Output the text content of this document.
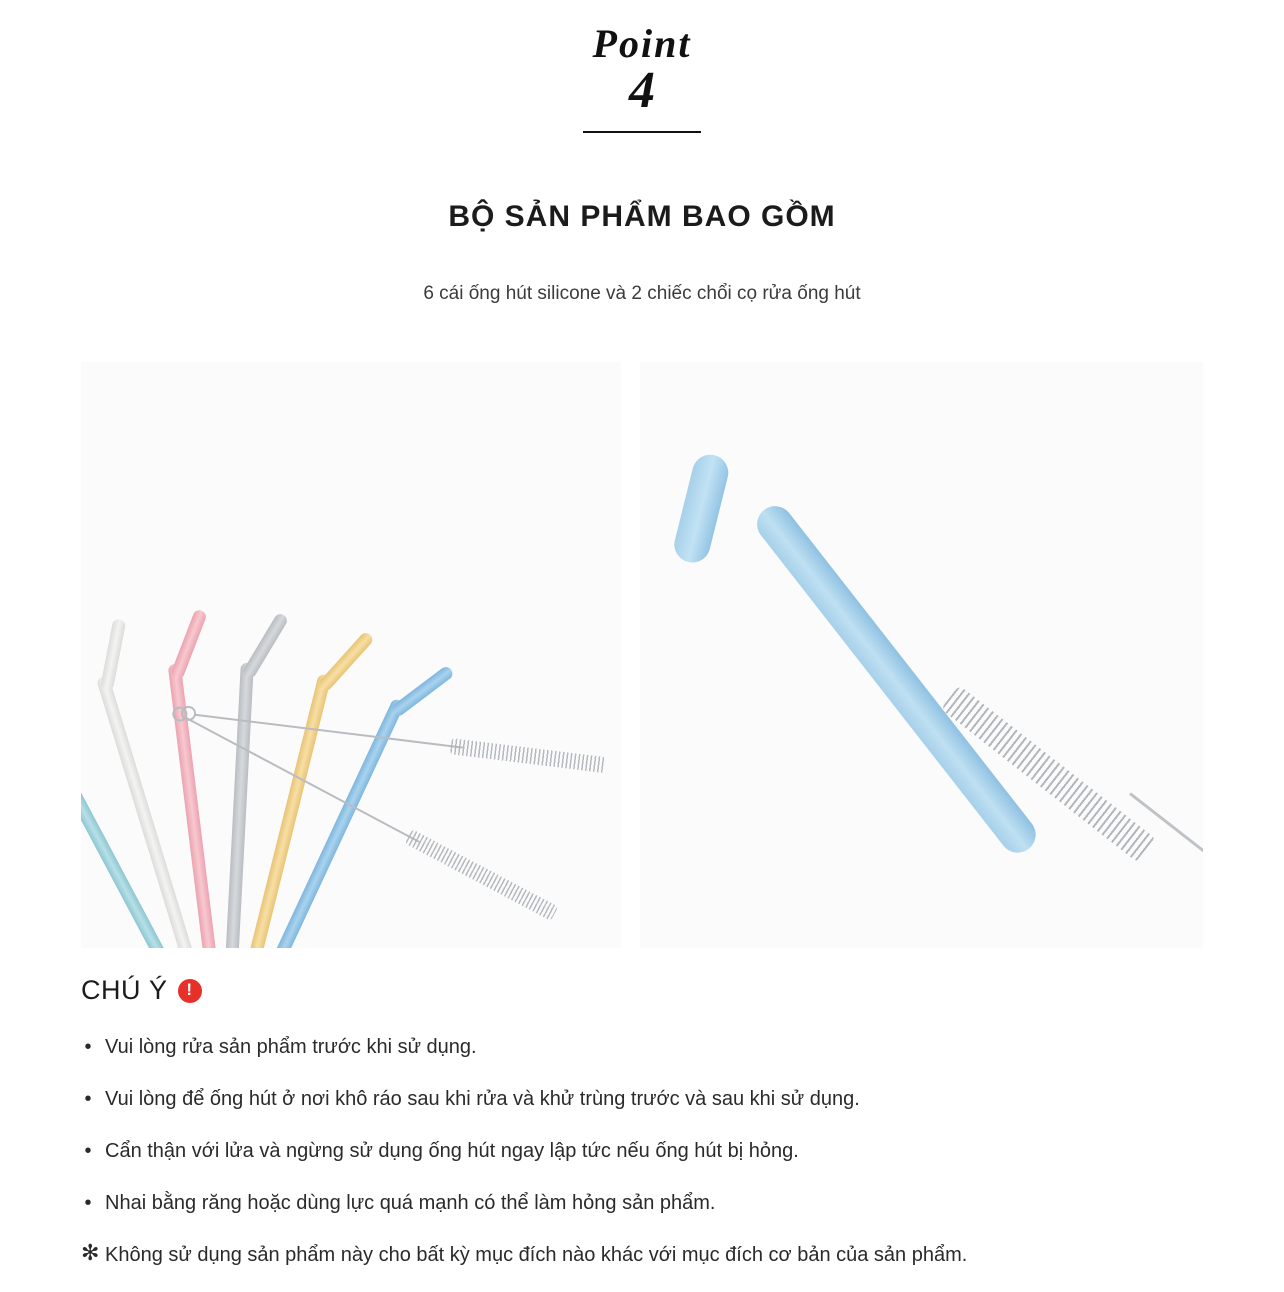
Point
4
BỘ SẢN PHẨM BAO GỒM
6 cái ống hút silicone và 2 chiếc chổi cọ rửa ống hút
CHÚ Ý	!
• Vui lòng rửa sản phẩm trước khi sử dụng.
• Vui lòng để ống hút ở nơi khô ráo sau khi rửa và khử trùng trước và sau khi sử dụng.
• Cẩn thận với lửa và ngừng sử dụng ống hút ngay lập tức nếu ống hút bị hỏng.
• Nhai bằng răng hoặc dùng lực quá mạnh có thể làm hỏng sản phẩm.
✻ Không sử dụng sản phẩm này cho bất kỳ mục đích nào khác với mục đích cơ bản của sản phẩm.
